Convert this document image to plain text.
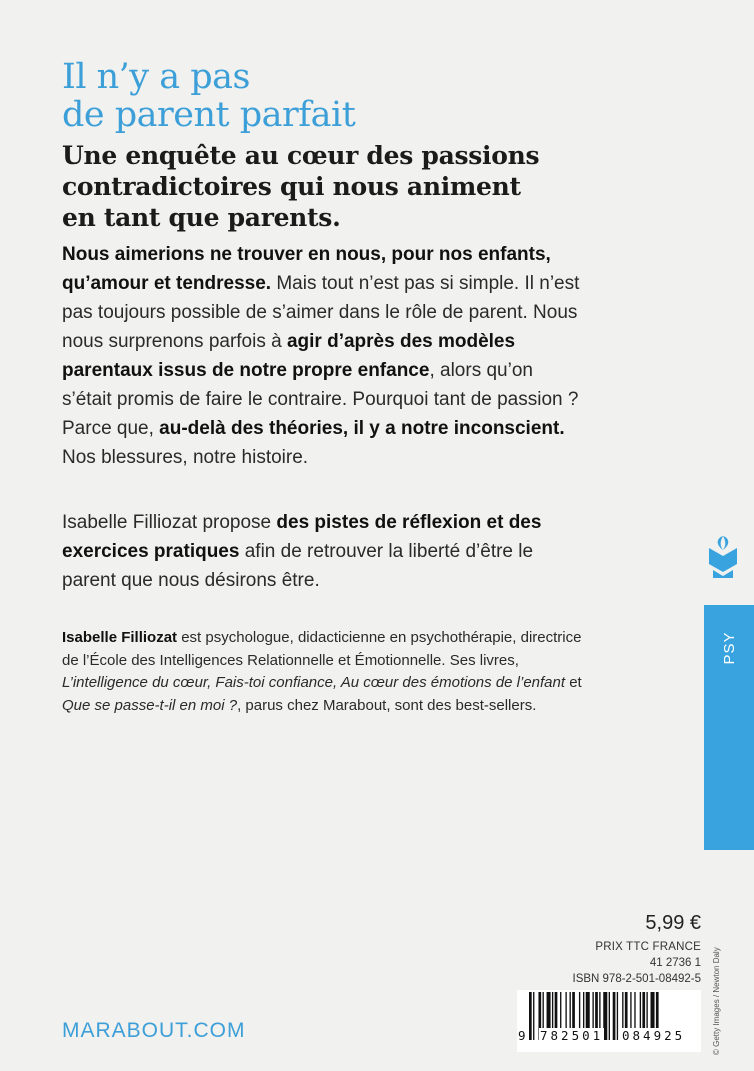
Il n’y a pas
de parent parfait
Une enquête au cœur des passions
contradictoires qui nous animent
en tant que parents.
Nous aimerions ne trouver en nous, pour nos enfants, qu’amour et tendresse. Mais tout n’est pas si simple. Il n’est pas toujours possible de s’aimer dans le rôle de parent. Nous nous surprenons parfois à agir d’après des modèles parentaux issus de notre propre enfance, alors qu’on s’était promis de faire le contraire. Pourquoi tant de passion ? Parce que, au-delà des théories, il y a notre inconscient. Nos blessures, notre histoire.
Isabelle Filliozat propose des pistes de réflexion et des exercices pratiques afin de retrouver la liberté d’être le parent que nous désirons être.
Isabelle Filliozat est psychologue, didacticienne en psychothérapie, directrice de l’École des Intelligences Relationnelle et Émotionnelle. Ses livres, L’intelligence du cœur, Fais-toi confiance, Au cœur des émotions de l’enfant et Que se passe-t-il en moi ?, parus chez Marabout, sont des best-sellers.
PSY
5,99 €
PRIX TTC FRANCE
41 2736 1
ISBN 978-2-501-08492-5
9 782501 084925	© Getty Images / Newton Daly
MARABOUT.COM
